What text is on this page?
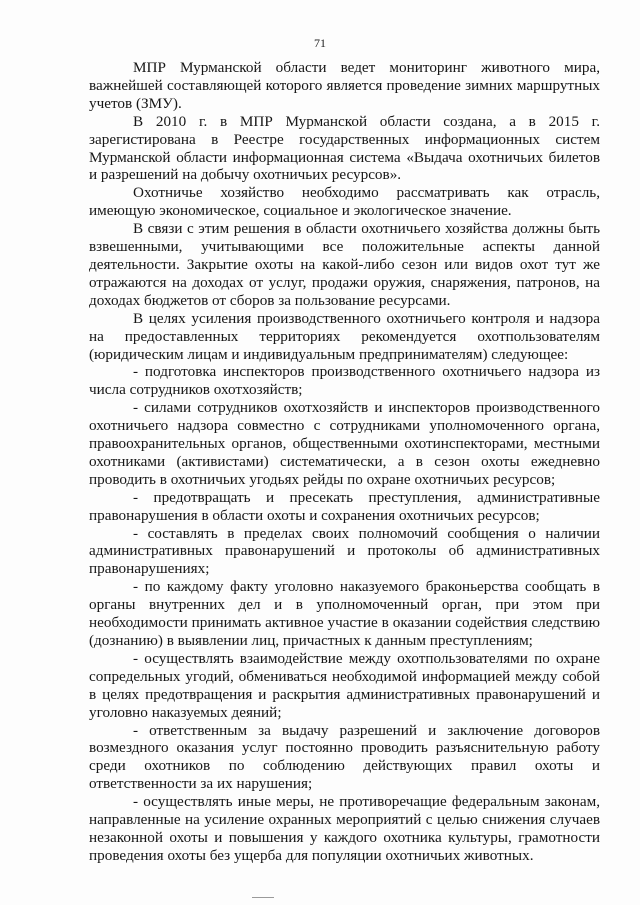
71

МПР Мурманской области ведет мониторинг животного мира, важнейшей составляющей которого является проведение зимних маршрутных учетов (ЗМУ).

В 2010 г. в МПР Мурманской области создана, а в 2015 г. зарегистирована в Реестре государственных информационных систем Мурманской области информационная система «Выдача охотничьих билетов и разрешений на добычу охотничьих ресурсов».

Охотничье хозяйство необходимо рассматривать как отрасль, имеющую экономическое, социальное и экологическое значение.

В связи с этим решения в области охотничьего хозяйства должны быть взвешенными, учитывающими все положительные аспекты данной деятельности. Закрытие охоты на какой-либо сезон или видов охот тут же отражаются на доходах от услуг, продажи оружия, снаряжения, патронов, на доходах бюджетов от сборов за пользование ресурсами.

В целях усиления производственного охотничьего контроля и надзора на предоставленных территориях рекомендуется охотпользователям (юридическим лицам и индивидуальным предпринимателям) следующее:

- подготовка инспекторов производственного охотничьего надзора из числа сотрудников охотхозяйств;

- силами сотрудников охотхозяйств и инспекторов производственного охотничьего надзора совместно с сотрудниками уполномоченного органа, правоохранительных органов, общественными охотинспекторами, местными охотниками (активистами) систематически, а в сезон охоты ежедневно проводить в охотничьих угодьях рейды по охране охотничьих ресурсов;

- предотвращать и пресекать преступления, административные правонарушения в области охоты и сохранения охотничьих ресурсов;

- составлять в пределах своих полномочий сообщения о наличии административных правонарушений и протоколы об административных правонарушениях;

- по каждому факту уголовно наказуемого браконьерства сообщать в органы внутренних дел и в уполномоченный орган, при этом при необходимости принимать активное участие в оказании содействия следствию (дознанию) в выявлении лиц, причастных к данным преступлениям;

- осуществлять взаимодействие между охотпользователями по охране сопредельных угодий, обмениваться необходимой информацией между собой в целях предотвращения и раскрытия административных правонарушений и уголовно наказуемых деяний;

- ответственным за выдачу разрешений и заключение договоров возмездного оказания услуг постоянно проводить разъяснительную работу среди охотников по соблюдению действующих правил охоты и ответственности за их нарушения;

- осуществлять иные меры, не противоречащие федеральным законам, направленные на усиление охранных мероприятий с целью снижения случаев незаконной охоты и повышения у каждого охотника культуры, грамотности проведения охоты без ущерба для популяции охотничьих животных.
